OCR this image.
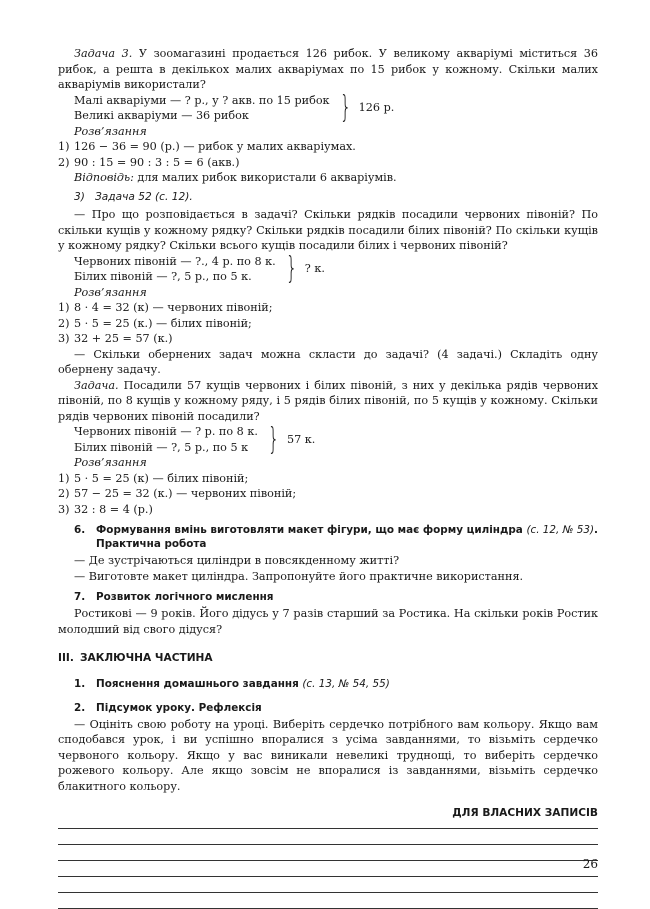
Задача 3. У зоомагазині продається 126 рибок. У великому акваріумі міститься 36 рибок, а решта в декількох малих акваріумах по 15 рибок у кожному. Скільки малих акваріумів використали?

Малі акваріуми — ? р., у ? акв. по 15 рибок
Великі акваріуми — 36 рибок	} 126 р.

Розв’язання

1) 126 − 36 = 90 (р.) — рибок у малих акваріумах.
2) 90 : 15 = 90 : 3 : 5 = 6 (акв.)

Відповідь: для малих рибок використали 6 акваріумів.

3) Задача 52 (с. 12).

— Про що розповідається в задачі? Скільки рядків посадили червоних півоній? По скільки кущів у кожному рядку? Скільки рядків посадили білих півоній? По скільки кущів у кожному рядку? Скільки всього кущів посадили білих і червоних півоній?

Червоних півоній — ?., 4 р. по 8 к.
Білих півоній — ?, 5 р., по 5 к.	} ? к.

Розв’язання

1) 8 · 4 = 32 (к) — червоних півоній;
2) 5 · 5 = 25 (к.) — білих півоній;
3) 32 + 25 = 57 (к.)

— Скільки обернених задач можна скласти до задачі? (4 задачі.) Складіть одну обернену задачу.

Задача. Посадили 57 кущів червоних і білих півоній, з них у декілька рядів червоних півоній, по 8 кущів у кожному ряду, і 5 рядів білих півоній, по 5 кущів у кожному. Скільки рядів червоних півоній посадили?

Червоних півоній — ? р. по 8 к.
Білих півоній — ?, 5 р., по 5 к } 57 к.

Розв’язання

1) 5 · 5 = 25 (к) — білих півоній;
2) 57 − 25 = 32 (к.) — червоних півоній;
3) 32 : 8 = 4 (р.)
6.	Формування вмінь виготовляти макет фігури, що має форму циліндра (с. 12, № 53). Практична робота

— Де зустрічаються циліндри в повсякденному житті?

— Виготовте макет циліндра. Запропонуйте його практичне використання.

7.	Розвиток логічного мислення

Ростикові — 9 років. Його дідусь у 7 разів старший за Ростика. На скільки років Ростик молодший від свого дідуся?

III. ЗАКЛЮЧНА ЧАСТИНА
1.	Пояснення домашнього завдання (с. 13, № 54, 55)
2.	Підсумок уроку. Рефлексія

— Оцініть свою роботу на уроці. Виберіть сердечко потрібного вам кольору. Якщо вам сподобався урок, і ви успішно впоралися з усіма завданнями, то візьміть сердечко червоного кольору. Якщо у вас виникали невеликі труднощі, то виберіть сердечко рожевого кольору. Але якщо зовсім не впоралися із завданнями, візьміть сердечко блакитного кольору.

ДЛЯ ВЛАСНИХ ЗАПИСІВ
26
